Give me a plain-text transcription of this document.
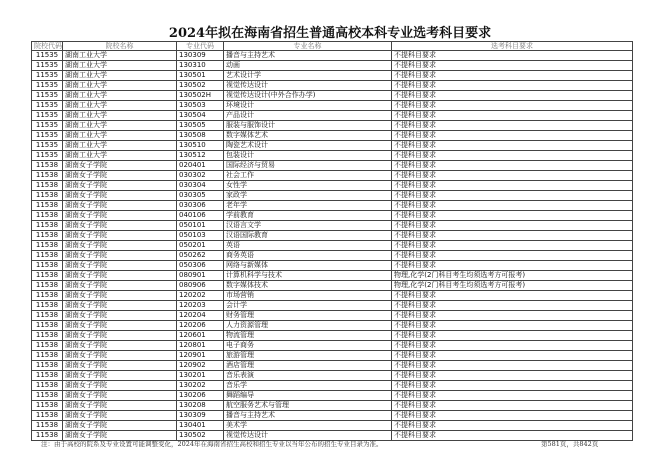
2024年拟在海南省招生普通高校本科专业选考科目要求
院校代码	院校名称	专业代码	专业名称	选考科目要求
11535	湖南工业大学	130309	播音与主持艺术	不提科目要求
11535	湖南工业大学	130310	动画	不提科目要求
11535	湖南工业大学	130501	艺术设计学	不提科目要求
11535	湖南工业大学	130502	视觉传达设计	不提科目要求
11535	湖南工业大学	130502H	视觉传达设计(中外合作办学)	不提科目要求
11535	湖南工业大学	130503	环境设计	不提科目要求
11535	湖南工业大学	130504	产品设计	不提科目要求
11535	湖南工业大学	130505	服装与服饰设计	不提科目要求
11535	湖南工业大学	130508	数字媒体艺术	不提科目要求
11535	湖南工业大学	130510	陶瓷艺术设计	不提科目要求
11535	湖南工业大学	130512	包装设计	不提科目要求
11538	湖南女子学院	020401	国际经济与贸易	不提科目要求
11538	湖南女子学院	030302	社会工作	不提科目要求
11538	湖南女子学院	030304	女性学	不提科目要求
11538	湖南女子学院	030305	家政学	不提科目要求
11538	湖南女子学院	030306	老年学	不提科目要求
11538	湖南女子学院	040106	学前教育	不提科目要求
11538	湖南女子学院	050101	汉语言文学	不提科目要求
11538	湖南女子学院	050103	汉语国际教育	不提科目要求
11538	湖南女子学院	050201	英语	不提科目要求
11538	湖南女子学院	050262	商务英语	不提科目要求
11538	湖南女子学院	050306	网络与新媒体	不提科目要求
11538	湖南女子学院	080901	计算机科学与技术	物理,化学(2门科目考生均须选考方可报考)
11538	湖南女子学院	080906	数字媒体技术	物理,化学(2门科目考生均须选考方可报考)
11538	湖南女子学院	120202	市场营销	不提科目要求
11538	湖南女子学院	120203	会计学	不提科目要求
11538	湖南女子学院	120204	财务管理	不提科目要求
11538	湖南女子学院	120206	人力资源管理	不提科目要求
11538	湖南女子学院	120601	物流管理	不提科目要求
11538	湖南女子学院	120801	电子商务	不提科目要求
11538	湖南女子学院	120901	旅游管理	不提科目要求
11538	湖南女子学院	120902	酒店管理	不提科目要求
11538	湖南女子学院	130201	音乐表演	不提科目要求
11538	湖南女子学院	130202	音乐学	不提科目要求
11538	湖南女子学院	130206	舞蹈编导	不提科目要求
11538	湖南女子学院	130208	航空服务艺术与管理	不提科目要求
11538	湖南女子学院	130309	播音与主持艺术	不提科目要求
11538	湖南女子学院	130401	美术学	不提科目要求
11538	湖南女子学院	130502	视觉传达设计	不提科目要求
注：由于高校的院系及专业设置可能调整变化，2024年在海南省招生高校和招生专业以当年公布的招生专业目录为准。	第581页，共842页
